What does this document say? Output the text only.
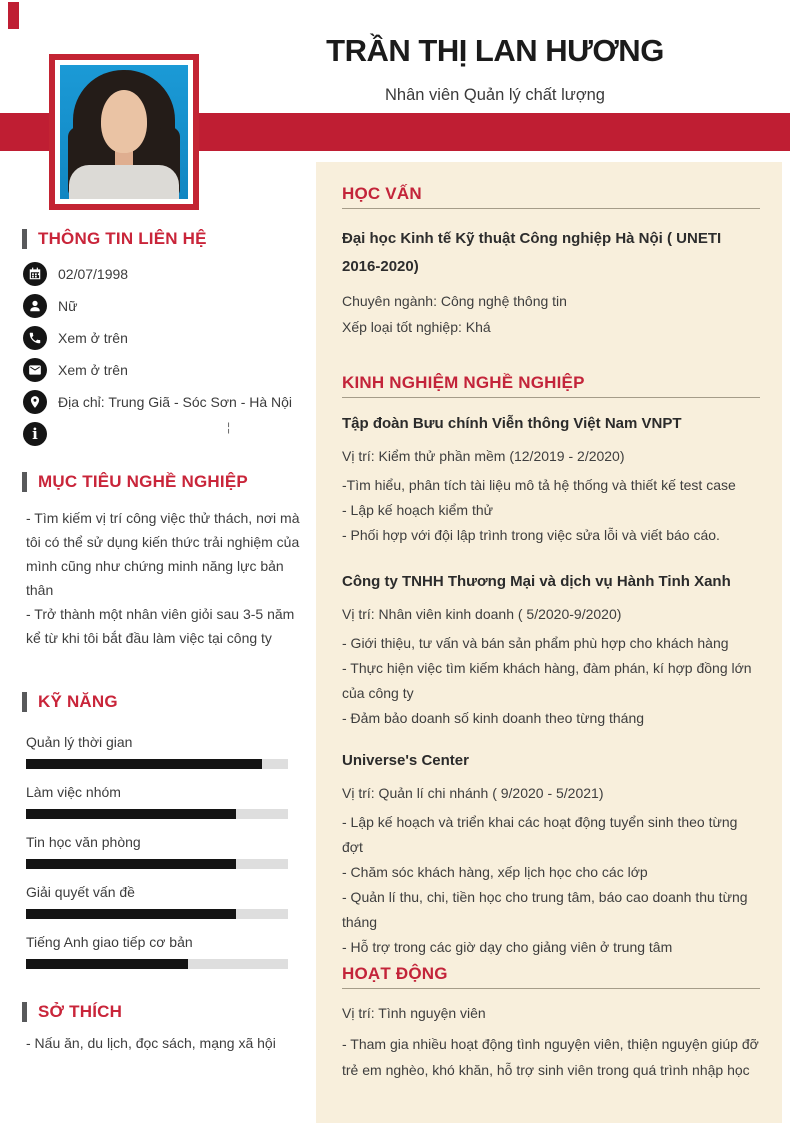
TRẦN THỊ LAN HƯƠNG
Nhân viên Quản lý chất lượng
THÔNG TIN LIÊN HỆ
02/07/1998
Nữ
Xem ở trên
Xem ở trên
Địa chỉ: Trung Giã - Sóc Sơn - Hà Nội
i	¦
MỤC TIÊU NGHỀ NGHIỆP
- Tìm kiếm vị trí công việc thử thách, nơi mà tôi có thể sử dụng kiến thức trải nghiệm của mình cũng như chứng minh năng lực bản thân
- Trở thành một nhân viên giỏi sau 3-5 năm kể từ khi tôi bắt đầu làm việc tại công ty
KỸ NĂNG
Quản lý thời gian
Làm việc nhóm
Tin học văn phòng
Giải quyết vấn đề
Tiếng Anh giao tiếp cơ bản
SỞ THÍCH
- Nấu ăn, du lịch, đọc sách, mạng xã hội
HỌC VẤN
Đại học Kinh tế Kỹ thuật Công nghiệp Hà Nội ( UNETI 2016-2020)
Chuyên ngành: Công nghệ thông tin
Xếp loại tốt nghiệp: Khá
KINH NGHIỆM NGHỀ NGHIỆP
Tập đoàn Bưu chính Viễn thông Việt Nam VNPT
Vị trí: Kiểm thử phần mềm (12/2019 - 2/2020)
-Tìm hiểu, phân tích tài liệu mô tả hệ thống và thiết kế test case
- Lập kế hoạch kiểm thử
- Phối hợp với đội lập trình trong việc sửa lỗi và viết báo cáo.
Công ty TNHH Thương Mại và dịch vụ Hành Tinh Xanh
Vị trí: Nhân viên kinh doanh ( 5/2020-9/2020)
- Giới thiệu, tư vấn và bán sản phẩm phù hợp cho khách hàng
- Thực hiện việc tìm kiếm khách hàng, đàm phán, kí hợp đồng lớn của công ty
- Đảm bảo doanh số kinh doanh theo từng tháng
Universe's Center
Vị trí: Quản lí chi nhánh ( 9/2020 - 5/2021)
- Lập kế hoạch và triển khai các hoạt động tuyển sinh theo từng đợt
- Chăm sóc khách hàng, xếp lịch học cho các lớp
- Quản lí thu, chi, tiền học cho trung tâm, báo cao doanh thu từng tháng
- Hỗ trợ trong các giờ dạy cho giảng viên ở trung tâm
HOẠT ĐỘNG
Vị trí: Tình nguyện viên
- Tham gia nhiều hoạt động tình nguyện viên, thiện nguyện giúp đỡ trẻ em nghèo, khó khăn, hỗ trợ sinh viên trong quá trình nhập học
